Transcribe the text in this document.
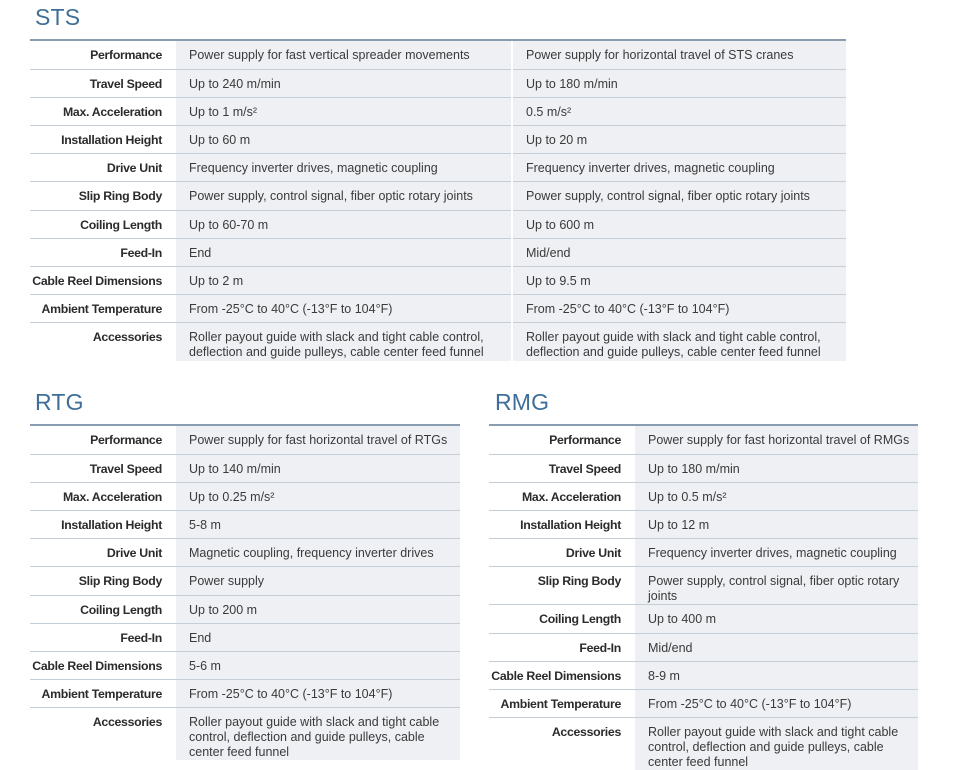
STS
Performance	Power supply for fast vertical spreader movements	Power supply for horizontal travel of STS cranes
Travel Speed	Up to 240 m/min	Up to 180 m/min
Max. Acceleration	Up to 1 m/s²	0.5 m/s²
Installation Height	Up to 60 m	Up to 20 m
Drive Unit	Frequency inverter drives, magnetic coupling	Frequency inverter drives, magnetic coupling
Slip Ring Body	Power supply, control signal, fiber optic rotary joints	Power supply, control signal, fiber optic rotary joints
Coiling Length	Up to 60-70 m	Up to 600 m
Feed-In	End	Mid/end
Cable Reel Dimensions	Up to 2 m	Up to 9.5 m
Ambient Temperature	From -25°C to 40°C (-13°F to 104°F)	From -25°C to 40°C (-13°F to 104°F)
Accessories	Roller payout guide with slack and tight cable control, deflection and guide pulleys, cable center feed funnel	Roller payout guide with slack and tight cable control, deflection and guide pulleys, cable center feed funnel
RTG
Performance	Power supply for fast horizontal travel of RTGs
Travel Speed	Up to 140 m/min
Max. Acceleration	Up to 0.25 m/s²
Installation Height	5-8 m
Drive Unit	Magnetic coupling, frequency inverter drives
Slip Ring Body	Power supply
Coiling Length	Up to 200 m
Feed-In	End
Cable Reel Dimensions	5-6 m
Ambient Temperature	From -25°C to 40°C (-13°F to 104°F)
Accessories	Roller payout guide with slack and tight cable control, deflection and guide pulleys, cable center feed funnel
RMG
Performance	Power supply for fast horizontal travel of RMGs
Travel Speed	Up to 180 m/min
Max. Acceleration	Up to 0.5 m/s²
Installation Height	Up to 12 m
Drive Unit	Frequency inverter drives, magnetic coupling
Slip Ring Body	Power supply, control signal, fiber optic rotary joints
Coiling Length	Up to 400 m
Feed-In	Mid/end
Cable Reel Dimensions	8-9 m
Ambient Temperature	From -25°C to 40°C (-13°F to 104°F)
Accessories	Roller payout guide with slack and tight cable control, deflection and guide pulleys, cable center feed funnel
